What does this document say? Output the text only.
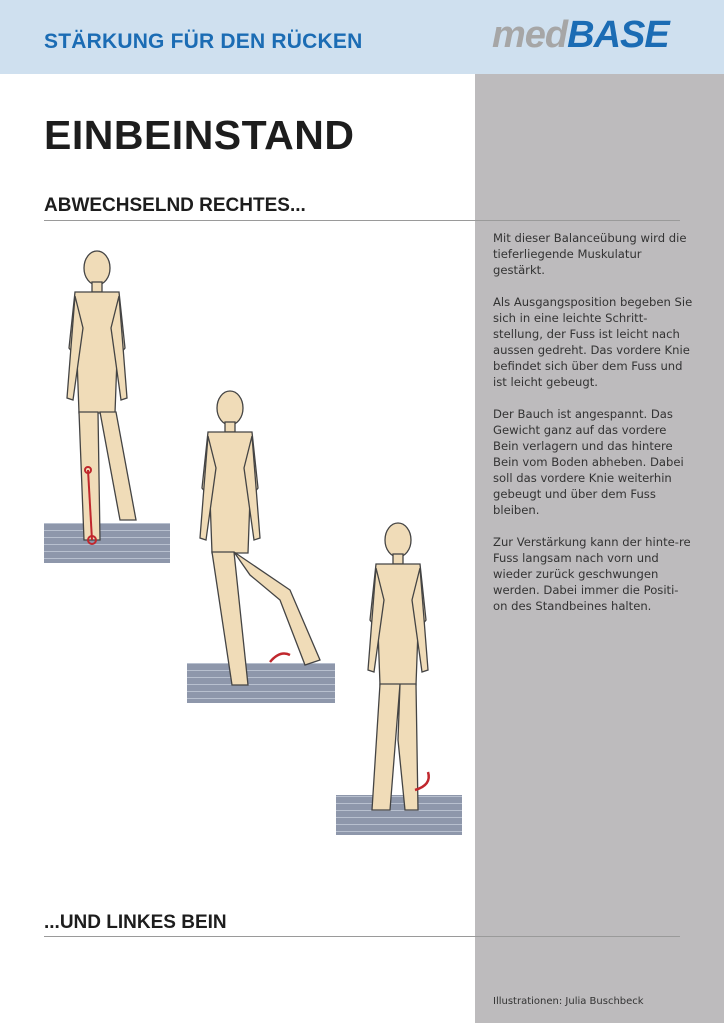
STÄRKUNG FÜR DEN RÜCKEN	medBASE
EINBEINSTAND
ABWECHSELND RECHTES...
...UND LINKES BEIN

Mit dieser Balanceübung wird die tieferliegende Muskulatur gestärkt.

Als Ausgangsposition begeben Sie sich in eine leichte Schritt-stellung, der Fuss ist leicht nach aussen gedreht. Das vordere Knie befindet sich über dem Fuss und ist leicht gebeugt.

Der Bauch ist angespannt. Das Gewicht ganz auf das vordere Bein verlagern und das hintere Bein vom Boden abheben. Dabei soll das vordere Knie weiterhin gebeugt und über dem Fuss bleiben.

Zur Verstärkung kann der hinte-re Fuss langsam nach vorn und wieder zurück geschwungen werden. Dabei immer die Positi-on des Standbeines halten.

Illustrationen: Julia Buschbeck
